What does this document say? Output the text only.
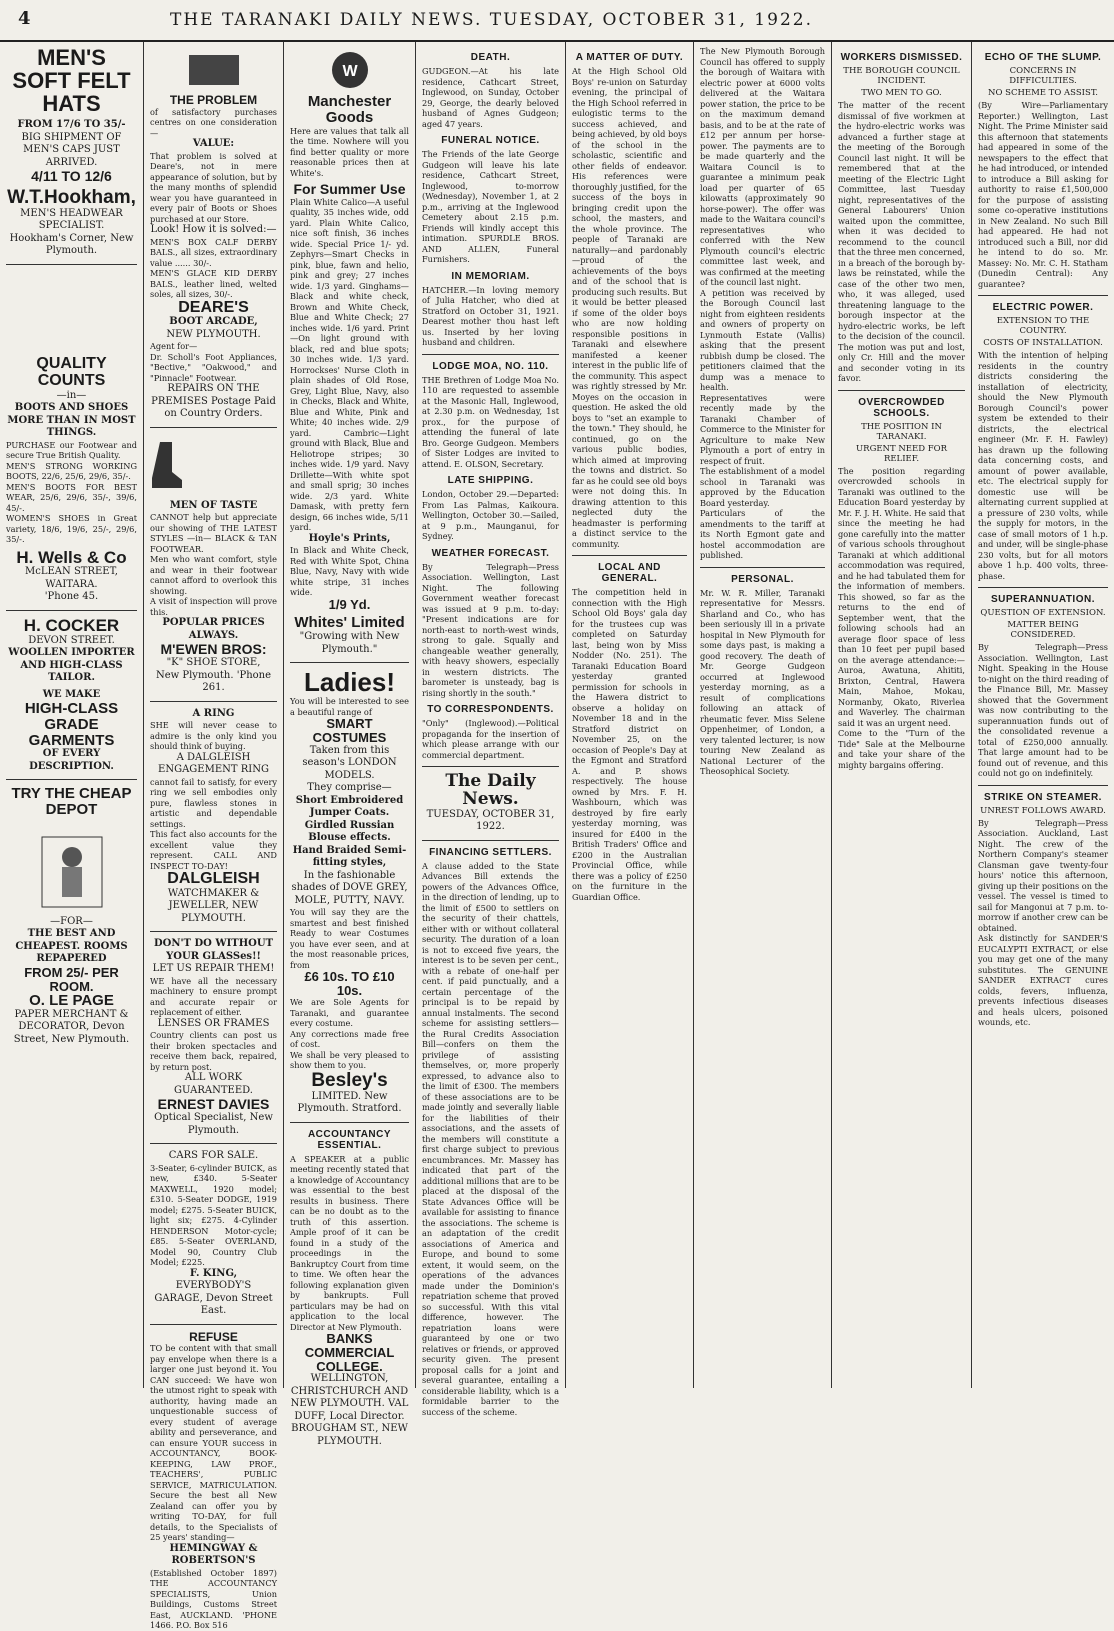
4	THE TARANAKI DAILY NEWS. TUESDAY, OCTOBER 31, 1922.
MEN'S SOFT FELT HATS
FROM 17/6 TO 35/-
BIG SHIPMENT OF MEN'S CAPS JUST ARRIVED.
4/11 TO 12/6
W.T.Hookham,
MEN'S HEADWEAR SPECIALIST.
Hookham's Corner, New Plymouth.
QUALITY COUNTS
—in—
BOOTS AND SHOES MORE THAN IN MOST THINGS.
PURCHASE our Footwear and secure True British Quality.
MEN'S STRONG WORKING BOOTS, 22/6, 25/6, 29/6, 35/-.
MEN'S BOOTS FOR BEST WEAR, 25/6, 29/6, 35/-, 39/6, 45/-.
WOMEN'S SHOES in Great variety, 18/6, 19/6, 25/-, 29/6, 35/-.
H. Wells & Co
McLEAN STREET, WAITARA.
'Phone 45.
H. COCKER
DEVON STREET.
WOOLLEN IMPORTER AND HIGH-CLASS TAILOR.
WE MAKE
HIGH-CLASS GRADE GARMENTS
OF EVERY DESCRIPTION.
TRY THE CHEAP DEPOT
—FOR—
THE BEST AND CHEAPEST. ROOMS REPAPERED
FROM 25/- PER ROOM.
O. LE PAGE
PAPER MERCHANT & DECORATOR, Devon Street, New Plymouth.
THE PROBLEM
of satisfactory purchases centres on one consideration—
VALUE:
That problem is solved at Deare's, not in mere appearance of solution, but by the many months of splendid wear you have guaranteed in every pair of Boots or Shoes purchased at our Store.
Look! How it is solved:—
MEN'S BOX CALF DERBY BALS., all sizes, extraordinary value ...... 30/-.
MEN'S GLACE KID DERBY BALS., leather lined, welted soles, all sizes, 30/-.
DEARE'S
BOOT ARCADE,
NEW PLYMOUTH.
Agent for—
Dr. Scholl's Foot Appliances, "Bective," "Oakwood," and "Pinnacle" Footwear.
REPAIRS ON THE PREMISES Postage Paid on Country Orders.
MEN OF TASTE
CANNOT help but appreciate our showing of THE LATEST STYLES —in— BLACK & TAN FOOTWEAR.
Men who want comfort, style and wear in their footwear cannot afford to overlook this showing.
A visit of inspection will prove this.
POPULAR PRICES ALWAYS.
M'EWEN BROS:
"K" SHOE STORE,
New Plymouth. 'Phone 261.
A RING
SHE will never cease to admire is the only kind you should think of buying.
A DALGLEISH ENGAGEMENT RING
cannot fail to satisfy, for every ring we sell embodies only pure, flawless stones in artistic and dependable settings.
This fact also accounts for the excellent value they represent. CALL AND INSPECT TO-DAY!
DALGLEISH
WATCHMAKER & JEWELLER, NEW PLYMOUTH.
DON'T DO WITHOUT YOUR GLASSes!!
LET US REPAIR THEM!
WE have all the necessary machinery to ensure prompt and accurate repair or replacement of either.
LENSES OR FRAMES
Country clients can post us their broken spectacles and receive them back, repaired, by return post.
ALL WORK GUARANTEED.
ERNEST DAVIES
Optical Specialist, New Plymouth.
CARS FOR SALE.
3-Seater, 6-cylinder BUICK, as new, £340. 5-Seater MAXWELL, 1920 model; £310. 5-Seater DODGE, 1919 model; £275. 5-Seater BUICK, light six; £275. 4-Cylinder HENDERSON Motor-cycle; £85. 5-Seater OVERLAND, Model 90, Country Club Model; £225.
F. KING,
EVERYBODY'S GARAGE, Devon Street East.
REFUSE
TO be content with that small pay envelope when there is a larger one just beyond it. You CAN succeed: We have won the utmost right to speak with authority, having made an unquestionable success of every student of average ability and perseverance, and can ensure YOUR success in ACCOUNTANCY, BOOK-KEEPING, LAW PROF., TEACHERS', PUBLIC SERVICE, MATRICULATION. Secure the best all New Zealand can offer you by writing TO-DAY, for full details, to the Specialists of 25 years' standing—
HEMINGWAY & ROBERTSON'S
(Established October 1897) THE ACCOUNTANCY SPECIALISTS, Union Buildings, Customs Street East, AUCKLAND. 'PHONE 1466. P.O. Box 516
W
Manchester Goods
Here are values that talk all the time. Nowhere will you find better quality or more reasonable prices then at White's.
For Summer Use
Plain White Calico—A useful quality, 35 inches wide, odd yard. Plain White Calico, nice soft finish, 36 inches wide. Special Price 1/- yd. Zephyrs—Smart Checks in pink, blue, fawn and helio, pink and grey; 27 inches wide. 1/3 yard. Ginghams—Black and white check, Brown and White Check, Blue and White Check; 27 inches wide. 1/6 yard. Print—On light ground with black, red and blue spots; 30 inches wide. 1/3 yard. Horrockses' Nurse Cloth in plain shades of Old Rose, Grey, Light Blue, Navy, also in Checks, Black and White, Blue and White, Pink and White; 40 inches wide. 2/9 yard. Cambric—Light ground with Black, Blue and Heliotrope stripes; 30 inches wide. 1/9 yard. Navy Drillette—With white spot and small sprig; 30 inches wide. 2/3 yard. White Damask, with pretty fern design, 66 inches wide, 5/11 yard.
Hoyle's Prints,
In Black and White Check, Red with White Spot, China Blue, Navy, Navy with wide white stripe, 31 inches wide.
1/9 Yd.
Whites' Limited
"Growing with New Plymouth."
Ladies!
You will be interested to see a beautiful range of
SMART COSTUMES
Taken from this season's LONDON MODELS.
They comprise—
Short Embroidered Jumper Coats.
Girdled Russian Blouse effects.
Hand Braided Semi-fitting styles,
In the fashionable shades of DOVE GREY, MOLE, PUTTY, NAVY.
You will say they are the smartest and best finished Ready to wear Costumes you have ever seen, and at the most reasonable prices, from
£6 10s. TO £10 10s.
We are Sole Agents for Taranaki, and guarantee every costume.
Any corrections made free of cost.
We shall be very pleased to show them to you.
Besley's
LIMITED. New Plymouth. Stratford.
ACCOUNTANCY ESSENTIAL.
A SPEAKER at a public meeting recently stated that a knowledge of Accountancy was essential to the best results in business. There can be no doubt as to the truth of this assertion. Ample proof of it can be found in a study of the proceedings in the Bankruptcy Court from time to time. We often hear the following explanation given by bankrupts. Full particulars may be had on application to the local Director at New Plymouth.
BANKS COMMERCIAL COLLEGE.
WELLINGTON, CHRISTCHURCH AND NEW PLYMOUTH. VAL DUFF, Local Director. BROUGHAM ST., NEW PLYMOUTH.
DEATH.
GUDGEON.—At his late residence, Cathcart Street, Inglewood, on Sunday, October 29, George, the dearly beloved husband of Agnes Gudgeon; aged 47 years.
FUNERAL NOTICE.
The Friends of the late George Gudgeon will leave his late residence, Cathcart Street, Inglewood, to-morrow (Wednesday), November 1, at 2 p.m., arriving at the Inglewood Cemetery about 2.15 p.m. Friends will kindly accept this intimation. SPURDLE BROS. AND ALLEN, Funeral Furnishers.
IN MEMORIAM.
HATCHER.—In loving memory of Julia Hatcher, who died at Stratford on October 31, 1921. Dearest mother thou hast left us. Inserted by her loving husband and children.
LODGE MOA, NO. 110.
THE Brethren of Lodge Moa No. 110 are requested to assemble at the Masonic Hall, Inglewood, at 2.30 p.m. on Wednesday, 1st prox., for the purpose of attending the funeral of late Bro. George Gudgeon. Members of Sister Lodges are invited to attend. E. OLSON, Secretary.
LATE SHIPPING.
London, October 29.—Departed: From Las Palmas, Kaikoura. Wellington, October 30.—Sailed, at 9 p.m., Maunganui, for Sydney.
WEATHER FORECAST.
By Telegraph—Press Association. Wellington, Last Night. The following Government weather forecast was issued at 9 p.m. to-day: "Present indications are for north-east to north-west winds, strong to gale. Squally and changeable weather generally, with heavy showers, especially in western districts. The barometer is unsteady, bag is rising shortly in the south."
TO CORRESPONDENTS.
"Only" (Inglewood).—Political propaganda for the insertion of which please arrange with our commercial department.
The Daily News.
TUESDAY, OCTOBER 31, 1922.
FINANCING SETTLERS.
A clause added to the State Advances Bill extends the powers of the Advances Office, in the direction of lending, up to the limit of £500 to settlers on the security of their chattels, either with or without collateral security. The duration of a loan is not to exceed five years, the interest is to be seven per cent., with a rebate of one-half per cent. if paid punctually, and a certain percentage of the principal is to be repaid by annual instalments. The second scheme for assisting settlers—the Rural Credits Association Bill—confers on them the privilege of assisting themselves, or, more properly expressed, to advance also to the limit of £300. The members of these associations are to be made jointly and severally liable for the liabilities of their associations, and the assets of the members will constitute a first charge subject to previous encumbrances. Mr. Massey has indicated that part of the additional millions that are to be placed at the disposal of the State Advances Office will be available for assisting to finance the associations. The scheme is an adaptation of the credit associations of America and Europe, and bound to some extent, it would seem, on the operations of the advances made under the Dominion's repatriation scheme that proved so successful. With this vital difference, however. The repatriation loans were guaranteed by one or two relatives or friends, or approved security given. The present proposal calls for a joint and several guarantee, entailing a considerable liability, which is a formidable barrier to the success of the scheme.
A MATTER OF DUTY.
At the High School Old Boys' re-union on Saturday evening, the principal of the High School referred in eulogistic terms to the success achieved, and being achieved, by old boys of the school in the scholastic, scientific and other fields of endeavor. His references were thoroughly justified, for the success of the boys in bringing credit upon the school, the masters, and the whole province. The people of Taranaki are naturally—and pardonably—proud of the achievements of the boys and of the school that is producing such results. But it would be better pleased if some of the older boys who are now holding responsible positions in Taranaki and elsewhere manifested a keener interest in the public life of the community. This aspect was rightly stressed by Mr. Moyes on the occasion in question. He asked the old boys to "set an example to the town." They should, he continued, go on the various public bodies, which aimed at improving the towns and district. So far as he could see old boys were not doing this. In drawing attention to this neglected duty the headmaster is performing a distinct service to the community.
LOCAL AND GENERAL.
The competition held in connection with the High School Old Boys' gala day for the trustees cup was completed on Saturday last, being won by Miss Nodder (No. 251). The Taranaki Education Board yesterday granted permission for schools in the Hawera district to observe a holiday on November 18 and in the Stratford district on November 25, on the occasion of People's Day at the Egmont and Stratford A. and P. shows respectively. The house owned by Mrs. F. H. Washbourn, which was destroyed by fire early yesterday morning, was insured for £400 in the British Traders' Office and £200 in the Australian Provincial Office, while there was a policy of £250 on the furniture in the Guardian Office.
The New Plymouth Borough Council has offered to supply the borough of Waitara with electric power at 6000 volts delivered at the Waitara power station, the price to be on the maximum demand basis, and to be at the rate of £12 per annum per horse-power. The payments are to be made quarterly and the Waitara Council is to guarantee a minimum peak load per quarter of 65 kilowatts (approximately 90 horse-power). The offer was made to the Waitara council's representatives who conferred with the New Plymouth council's electric committee last week, and was confirmed at the meeting of the council last night.
A petition was received by the Borough Council last night from eighteen residents and owners of property on Lynmouth Estate (Vallis) asking that the present rubbish dump be closed. The petitioners claimed that the dump was a menace to health.
Representatives were recently made by the Taranaki Chamber of Commerce to the Minister for Agriculture to make New Plymouth a port of entry in respect of fruit.
The establishment of a model school in Taranaki was approved by the Education Board yesterday.
Particulars of the amendments to the tariff at its North Egmont gate and hostel accommodation are published.
PERSONAL.
Mr. W. R. Miller, Taranaki representative for Messrs. Sharland and Co., who has been seriously ill in a private hospital in New Plymouth for some days past, is making a good recovery. The death of Mr. George Gudgeon occurred at Inglewood yesterday morning, as a result of complications following an attack of rheumatic fever. Miss Selene Oppenheimer, of London, a very talented lecturer, is now touring New Zealand as National Lecturer of the Theosophical Society.
WORKERS DISMISSED.
THE BOROUGH COUNCIL INCIDENT.
TWO MEN TO GO.
The matter of the recent dismissal of five workmen at the hydro-electric works was advanced a further stage at the meeting of the Borough Council last night. It will be remembered that at the meeting of the Electric Light Committee, last Tuesday night, representatives of the General Labourers' Union waited upon the committee, when it was decided to recommend to the council that the three men concerned, in a breach of the borough by-laws be reinstated, while the case of the other two men, who, it was alleged, used threatening language to the borough inspector at the hydro-electric works, be left to the decision of the council. The motion was put and lost, only Cr. Hill and the mover and seconder voting in its favor.
OVERCROWDED SCHOOLS.
THE POSITION IN TARANAKI.
URGENT NEED FOR RELIEF.
The position regarding overcrowded schools in Taranaki was outlined to the Education Board yesterday by Mr. F. J. H. White. He said that since the meeting he had gone carefully into the matter of various schools throughout Taranaki at which additional accommodation was required, and he had tabulated them for the information of members. This showed, so far as the returns to the end of September went, that the following schools had an average floor space of less than 10 feet per pupil based on the average attendance:—Auroa, Awatuna, Ahititi, Brixton, Central, Hawera Main, Mahoe, Mokau, Normanby, Okato, Riverlea and Waverley. The chairman said it was an urgent need.
Come to the "Turn of the Tide" Sale at the Melbourne and take your share of the mighty bargains offering.
ECHO OF THE SLUMP.
CONCERNS IN DIFFICULTIES.
NO SCHEME TO ASSIST.
(By Wire—Parliamentary Reporter.) Wellington, Last Night. The Prime Minister said this afternoon that statements had appeared in some of the newspapers to the effect that he had introduced, or intended to introduce a Bill asking for authority to raise £1,500,000 for the purpose of assisting some co-operative institutions in New Zealand. No such Bill had appeared. He had not introduced such a Bill, nor did he intend to do so. Mr. Massey: No. Mr. C. H. Statham (Dunedin Central): Any guarantee?
ELECTRIC POWER.
EXTENSION TO THE COUNTRY.
COSTS OF INSTALLATION.
With the intention of helping residents in the country districts considering the installation of electricity, should the New Plymouth Borough Council's power system be extended to their districts, the electrical engineer (Mr. F. H. Fawley) has drawn up the following data concerning costs, and amount of power available, etc. The electrical supply for domestic use will be alternating current supplied at a pressure of 230 volts, while the supply for motors, in the case of small motors of 1 h.p. and under, will be single-phase 230 volts, but for all motors above 1 h.p. 400 volts, three-phase.
SUPERANNUATION.
QUESTION OF EXTENSION.
MATTER BEING CONSIDERED.
By Telegraph—Press Association. Wellington, Last Night. Speaking in the House to-night on the third reading of the Finance Bill, Mr. Massey showed that the Government was now contributing to the superannuation funds out of the consolidated revenue a total of £250,000 annually. That large amount had to be found out of revenue, and this could not go on indefinitely.
STRIKE ON STEAMER.
UNREST FOLLOWS AWARD.
By Telegraph—Press Association. Auckland, Last Night. The crew of the Northern Company's steamer Clansman gave twenty-four hours' notice this afternoon, giving up their positions on the vessel. The vessel is timed to sail for Mangonui at 7 p.m. to-morrow if another crew can be obtained.
Ask distinctly for SANDER'S EUCALYPTI EXTRACT, or else you may get one of the many substitutes. The GENUINE SANDER EXTRACT cures colds, fevers, influenza, prevents infectious diseases and heals ulcers, poisoned wounds, etc.
